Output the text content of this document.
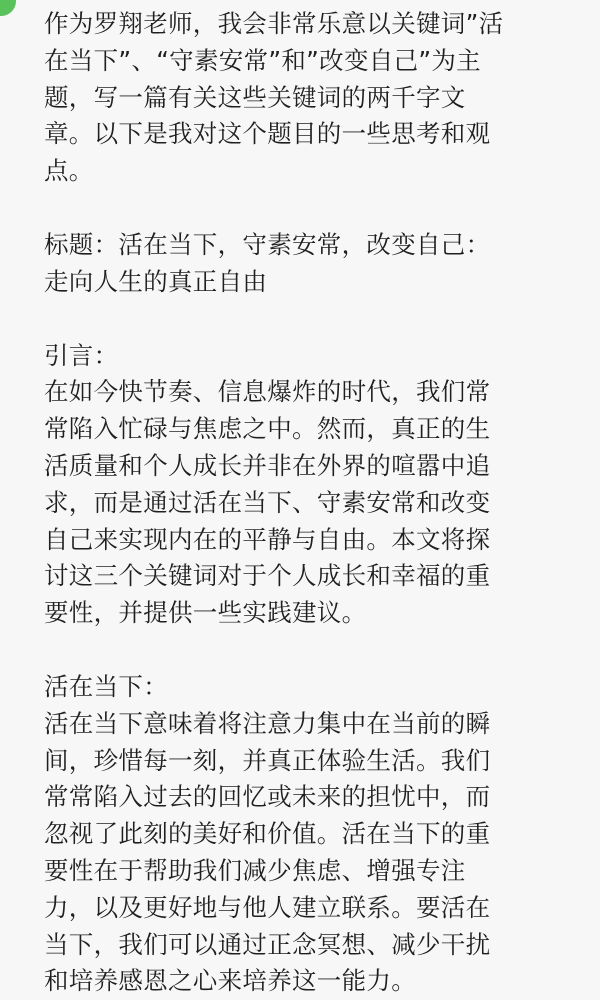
作为罗翔老师，我会非常乐意以关键词”活
在当下”、“守素安常”和”改变自己”为主
题，写一篇有关这些关键词的两千字文
章。以下是我对这个题目的一些思考和观
点。
标题：活在当下，守素安常，改变自己：
走向人生的真正自由
引言：
在如今快节奏、信息爆炸的时代，我们常
常陷入忙碌与焦虑之中。然而，真正的生
活质量和个人成长并非在外界的喧嚣中追
求，而是通过活在当下、守素安常和改变
自己来实现内在的平静与自由。本文将探
讨这三个关键词对于个人成长和幸福的重
要性，并提供一些实践建议。
活在当下：
活在当下意味着将注意力集中在当前的瞬
间，珍惜每一刻，并真正体验生活。我们
常常陷入过去的回忆或未来的担忧中，而
忽视了此刻的美好和价值。活在当下的重
要性在于帮助我们减少焦虑、增强专注
力，以及更好地与他人建立联系。要活在
当下，我们可以通过正念冥想、减少干扰
和培养感恩之心来培养这一能力。
